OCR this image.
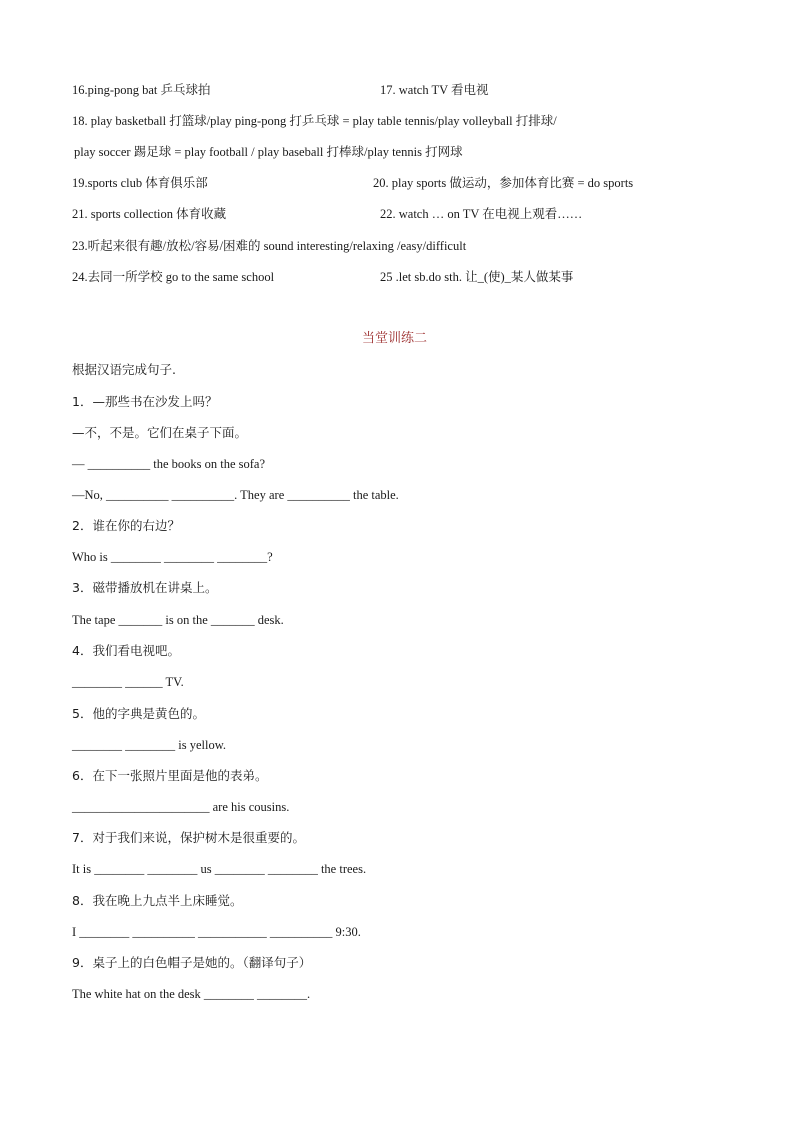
16.ping-pong bat 乒乓球拍	17. watch TV 看电视
18. play basketball 打篮球/play ping-pong 打乒乓球 = play table tennis/play volleyball 打排球/
play soccer 踢足球 = play football / play baseball 打棒球/play tennis 打网球
19.sports club 体育俱乐部	20. play sports 做运动，参加体育比赛 = do sports
21. sports collection 体育收藏	22. watch … on TV 在电视上观看……
23.听起来很有趣/放松/容易/困难的 sound interesting/relaxing /easy/difficult
24.去同一所学校 go to the same school	25 .let sb.do sth. 让_(使)_某人做某事
当堂训练二
根据汉语完成句子.
1．—那些书在沙发上吗？
—不，不是。它们在桌子下面。
— __________ the books on the sofa?
—No, __________ __________. They are __________ the table.
2．谁在你的右边？
Who is ________ ________ ________?
3．磁带播放机在讲桌上。
The tape _______ is on the _______ desk.
4．我们看电视吧。
________ ______ TV.
5．他的字典是黄色的。
________ ________ is yellow.
6．在下一张照片里面是他的表弟。
______________________ are his cousins.
7．对于我们来说，保护树木是很重要的。
It is ________ ________ us ________ ________ the trees.
8．我在晚上九点半上床睡觉。
I ________ __________ ___________ __________ 9:30.
9．桌子上的白色帽子是她的。（翻译句子）
The white hat on the desk ________ ________.
